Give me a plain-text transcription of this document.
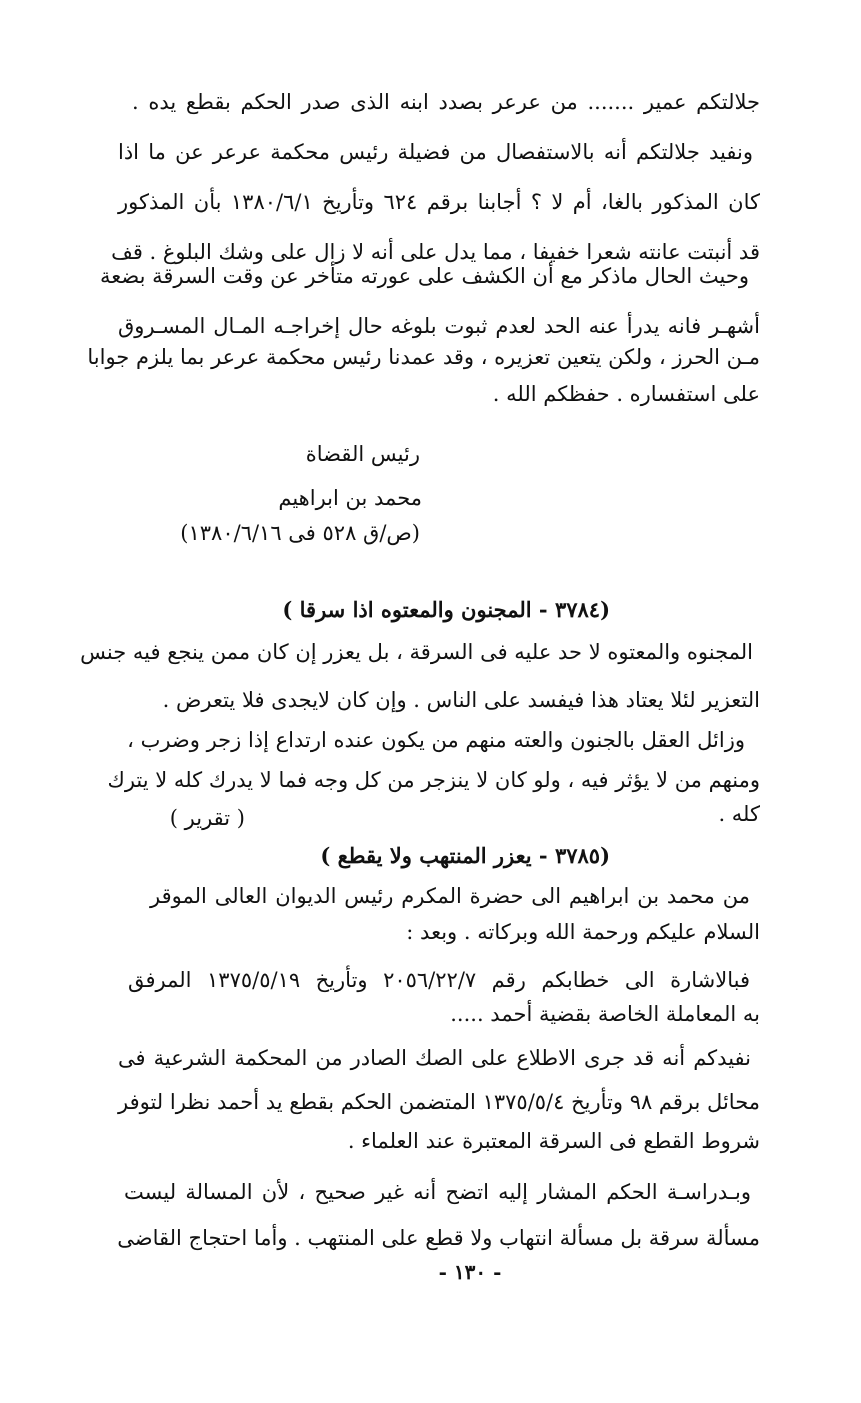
جلالتكم عمير ....... من عرعر بصدد ابنه الذى صدر الحكم بقطع يده .
ونفيد جلالتكم أنه بالاستفصال من فضيلة رئيس محكمة عرعر عن ما اذا
كان المذكور بالغا، أم لا ؟ أجابنا برقم ٦٢٤ وتأريخ ١٣٨٠/٦/١ بأن المذكور
قد أنبتت عانته شعرا خفيفا ، مما يدل على أنه لا زال على وشك البلوغ . قف
وحيث الحال ماذكر مع أن الكشف على عورته متأخر عن وقت السرقة بضعة
أشهـر فانه يدرأ عنه الحد لعدم ثبوت بلوغه حال إخراجـه المـال المسـروق
مـن الحرز ، ولكن يتعين تعزيره ، وقد عمدنا رئيس محكمة عرعر بما يلزم جوابا
على استفساره . حفظكم الله .
رئيس القضاة
محمد بن ابراهيم
(ص/ق ٥٢٨ فى ١٣٨٠/٦/١٦)
(٣٧٨٤ - المجنون والمعتوه اذا سرقا )
المجنوه والمعتوه لا حد عليه فى السرقة ، بل يعزر إن كان ممن ينجع فيه جنس
التعزير لئلا يعتاد هذا فيفسد على الناس . وإن كان لايجدى فلا يتعرض .
وزائل العقل بالجنون والعته منهم من يكون عنده ارتداع إذا زجر وضرب ،
ومنهم من لا يؤثر فيه ، ولو كان لا ينزجر من كل وجه فما لا يدرك كله لا يترك
كله .
( تقرير )
(٣٧٨٥ - يعزر المنتهب ولا يقطع )
من محمد بن ابراهيم الى حضرة المكرم رئيس الديوان العالى الموقر
السلام عليكم ورحمة الله وبركاته . وبعد :
فبالاشارة الى خطابكم رقم ٢٠٥٦/٢٢/٧ وتأريخ ١٣٧٥/٥/١٩ المرفق
به المعاملة الخاصة بقضية أحمد .....
نفيدكم أنه قد جرى الاطلاع على الصك الصادر من المحكمة الشرعية فى
محائل برقم ٩٨ وتأريخ ١٣٧٥/٥/٤ المتضمن الحكم بقطع يد أحمد نظرا لتوفر
شروط القطع فى السرقة المعتبرة عند العلماء .
وبـدراسـة الحكم المشار إليه اتضح أنه غير صحيح ، لأن المسالة ليست
مسألة سرقة بل مسألة انتهاب ولا قطع على المنتهب . وأما احتجاج القاضى
- ١٣٠ -
